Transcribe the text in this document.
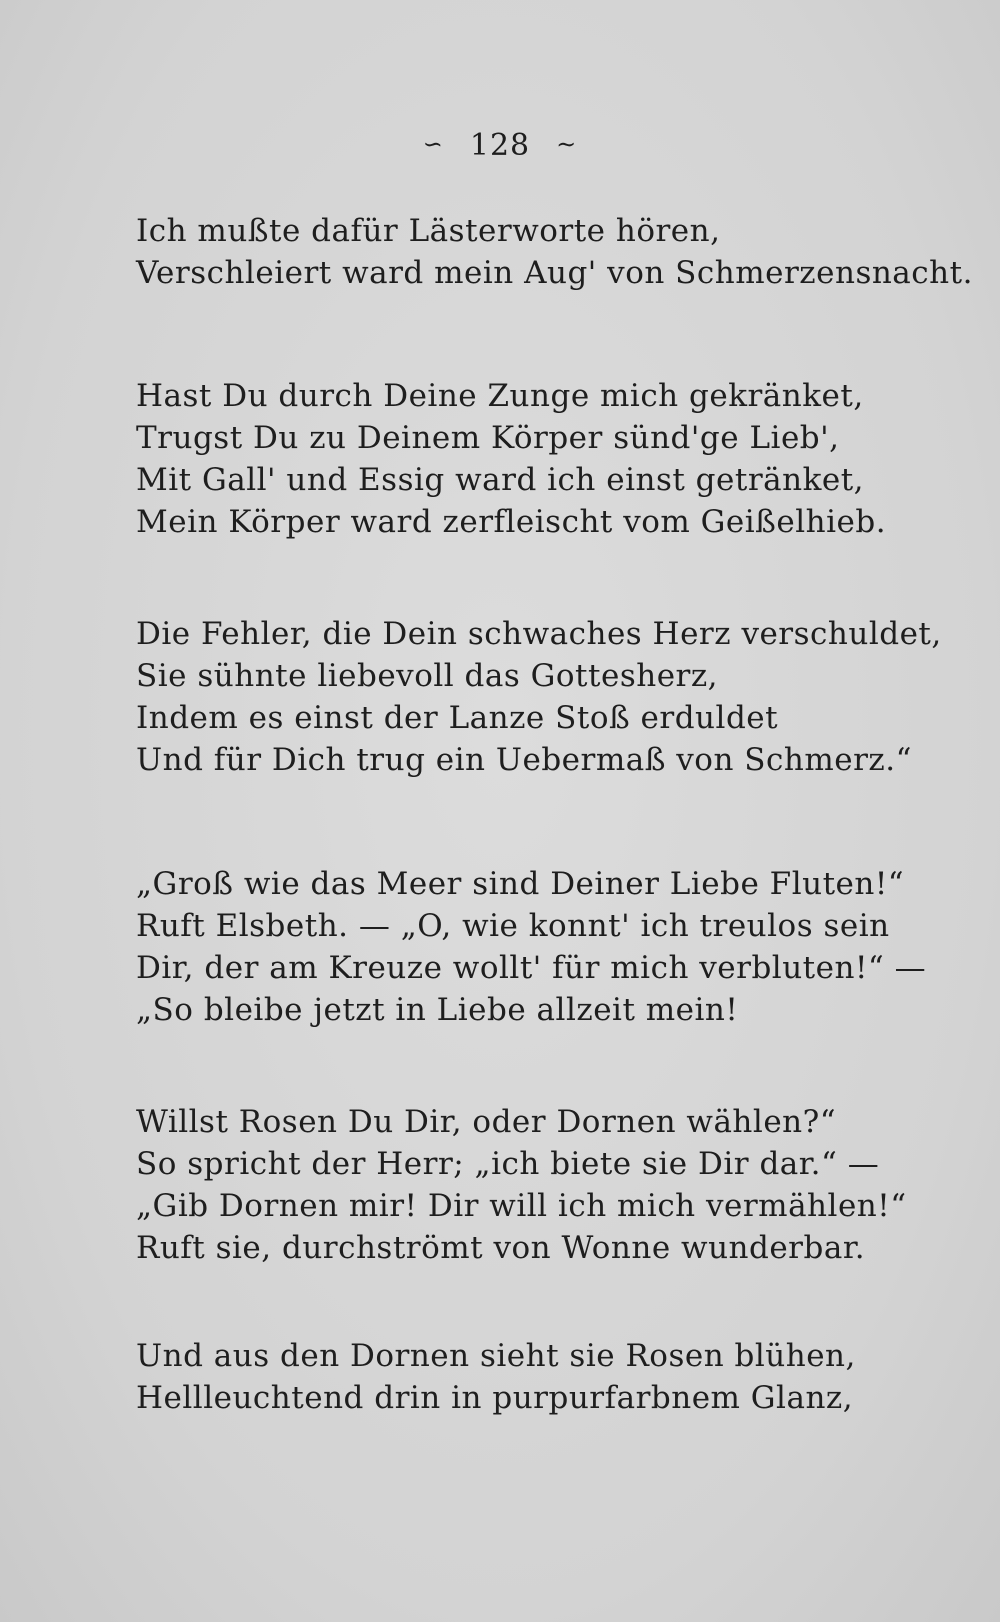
∽ 128 ∼
Ich mußte dafür Lästerworte hören,
Verschleiert ward mein Aug' von Schmerzensnacht.
Hast Du durch Deine Zunge mich gekränket,
Trugst Du zu Deinem Körper sünd'ge Lieb',
Mit Gall' und Essig ward ich einst getränket,
Mein Körper ward zerfleischt vom Geißelhieb.
Die Fehler, die Dein schwaches Herz verschuldet,
Sie sühnte liebevoll das Gottesherz,
Indem es einst der Lanze Stoß erduldet
Und für Dich trug ein Uebermaß von Schmerz.“
„Groß wie das Meer sind Deiner Liebe Fluten!“
Ruft Elsbeth. — „O, wie konnt' ich treulos sein
Dir, der am Kreuze wollt' für mich verbluten!“ —
„So bleibe jetzt in Liebe allzeit mein!
Willst Rosen Du Dir, oder Dornen wählen?“
So spricht der Herr; „ich biete sie Dir dar.“ —
„Gib Dornen mir! Dir will ich mich vermählen!“
Ruft sie, durchströmt von Wonne wunderbar.
Und aus den Dornen sieht sie Rosen blühen,
Hellleuchtend drin in purpurfarbnem Glanz,
